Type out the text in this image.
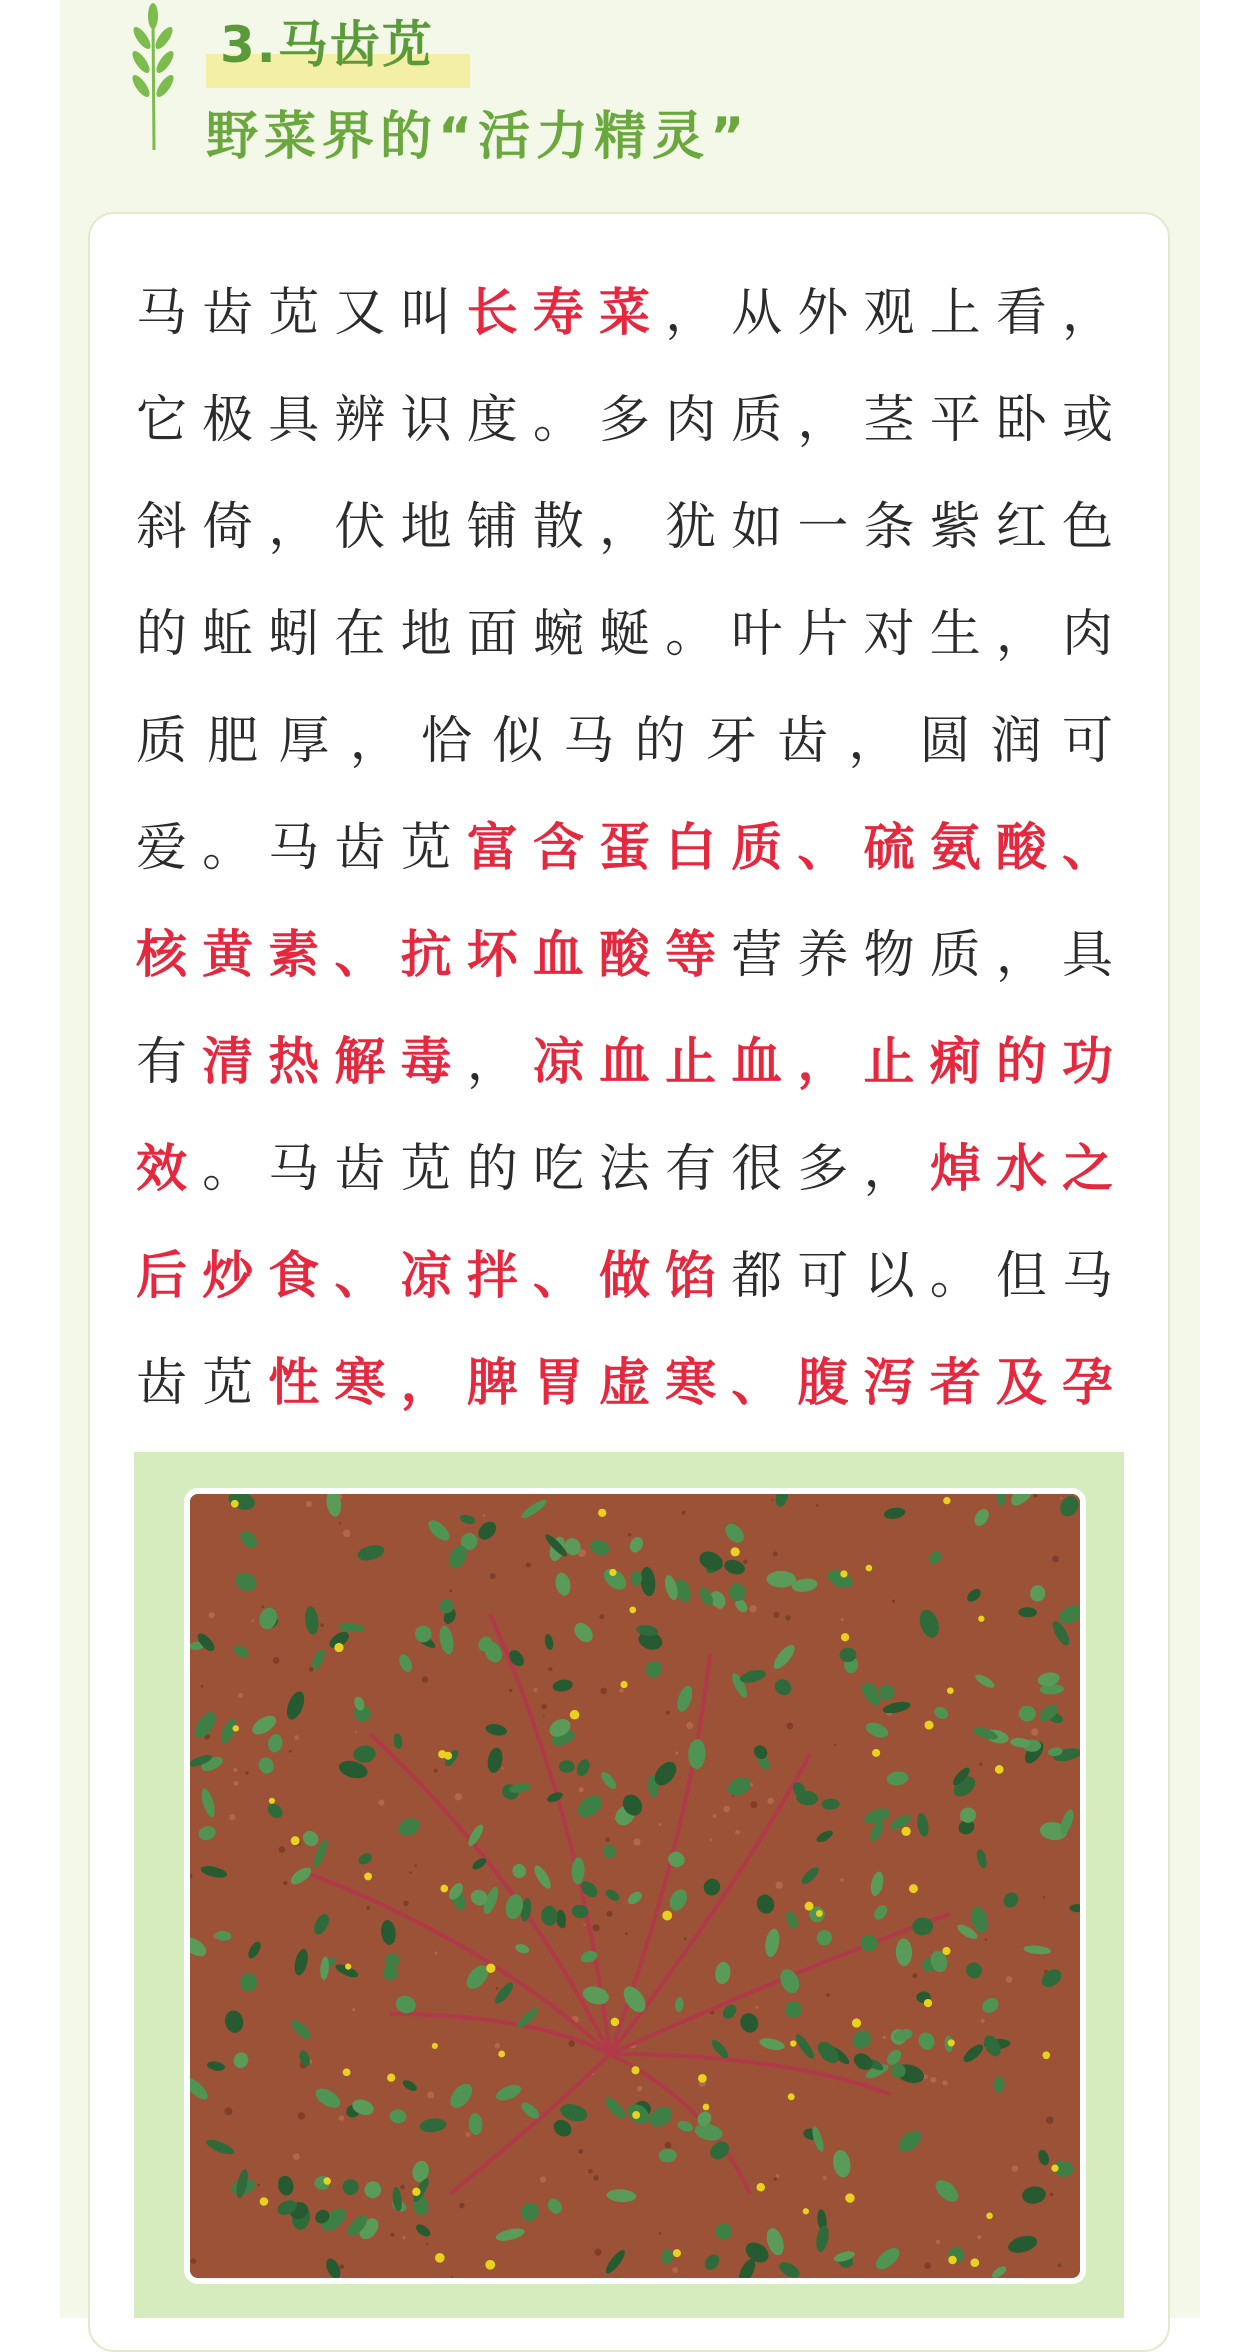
3.马齿苋
野菜界的“活力精灵”

马齿苋又叫长寿菜，从外观上看，它极具辨识度。多肉质，茎平卧或斜倚，伏地铺散，犹如一条紫红色的蚯蚓在地面蜿蜒。叶片对生，肉质肥厚，恰似马的牙齿，圆润可爱。马齿苋富含蛋白质、硫氨酸、核黄素、抗坏血酸等营养物质，具有清热解毒，凉血止血，止痢的功效。马齿苋的吃法有很多，焯水之后炒食、凉拌、做馅都可以。但马齿苋性寒，脾胃虚寒、腹泻者及孕
